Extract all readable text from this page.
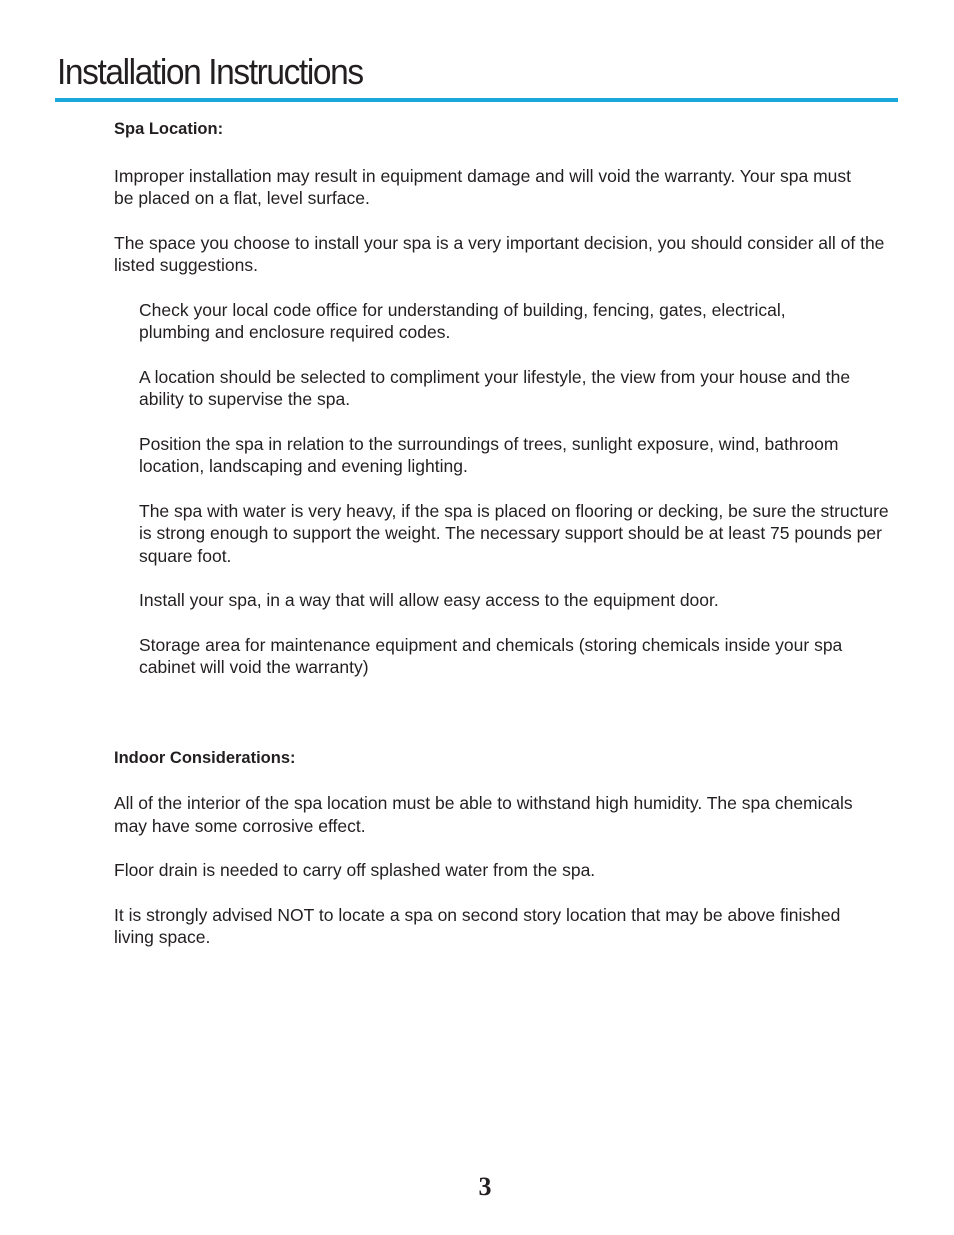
Installation Instructions

Spa Location:

Improper installation may result in equipment damage and will void the warranty. Your spa must be placed on a flat, level surface.

The space you choose to install your spa is a very important decision, you should consider all of the listed suggestions.

Check your local code office for understanding of building, fencing, gates, electrical, plumbing and enclosure required codes.

A location should be selected to compliment your lifestyle, the view from your house and the ability to supervise the spa.

Position the spa in relation to the surroundings of trees, sunlight exposure, wind, bathroom location, landscaping and evening lighting.

The spa with water is very heavy, if the spa is placed on flooring or decking, be sure the structure is strong enough to support the weight. The necessary support should be at least 75 pounds per square foot.

Install your spa, in a way that will allow easy access to the equipment door.

Storage area for maintenance equipment and chemicals (storing chemicals inside your spa cabinet will void the warranty)

Indoor Considerations:

All of the interior of the spa location must be able to withstand high humidity. The spa chemicals may have some corrosive effect.

Floor drain is needed to carry off splashed water from the spa.

It is strongly advised NOT to locate a spa on second story location that may be above finished living space.

3
